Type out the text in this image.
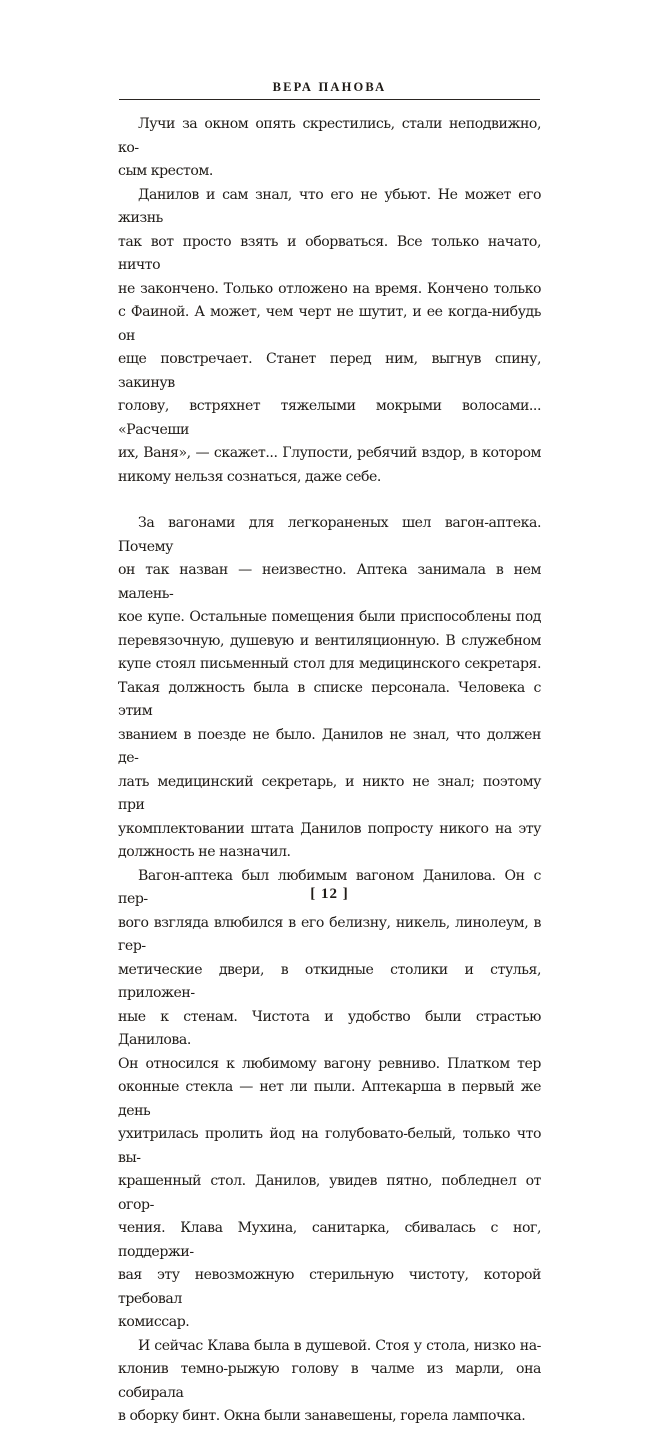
ВЕРА ПАНОВА
Лучи за окном опять скрестились, стали неподвижно, ко-
сым крестом.
Данилов и сам знал, что его не убьют. Не может его жизнь
так вот просто взять и оборваться. Все только начато, ничто
не закончено. Только отложено на время. Кончено только
с Фаиной. А может, чем черт не шутит, и ее когда-нибудь он
еще повстречает. Станет перед ним, выгнув спину, закинув
голову, встряхнет тяжелыми мокрыми волосами... «Расчеши
их, Ваня», — скажет... Глупости, ребячий вздор, в котором
никому нельзя сознаться, даже себе.
За вагонами для легкораненых шел вагон-аптека. Почему
он так назван — неизвестно. Аптека занимала в нем малень-
кое купе. Остальные помещения были приспособлены под
перевязочную, душевую и вентиляционную. В служебном
купе стоял письменный стол для медицинского секретаря.
Такая должность была в списке персонала. Человека с этим
званием в поезде не было. Данилов не знал, что должен де-
лать медицинский секретарь, и никто не знал; поэтому при
укомплектовании штата Данилов попросту никого на эту
должность не назначил.
Вагон-аптека был любимым вагоном Данилова. Он с пер-
вого взгляда влюбился в его белизну, никель, линолеум, в гер-
метические двери, в откидные столики и стулья, приложен-
ные к стенам. Чистота и удобство были страстью Данилова.
Он относился к любимому вагону ревниво. Платком тер
оконные стекла — нет ли пыли. Аптекарша в первый же день
ухитрилась пролить йод на голубовато-белый, только что вы-
крашенный стол. Данилов, увидев пятно, побледнел от огор-
чения. Клава Мухина, санитарка, сбивалась с ног, поддержи-
вая эту невозможную стерильную чистоту, которой требовал
комиссар.
И сейчас Клава была в душевой. Стоя у стола, низко на-
клонив темно-рыжую голову в чалме из марли, она собирала
в оборку бинт. Окна были занавешены, горела лампочка.
[ 12 ]
